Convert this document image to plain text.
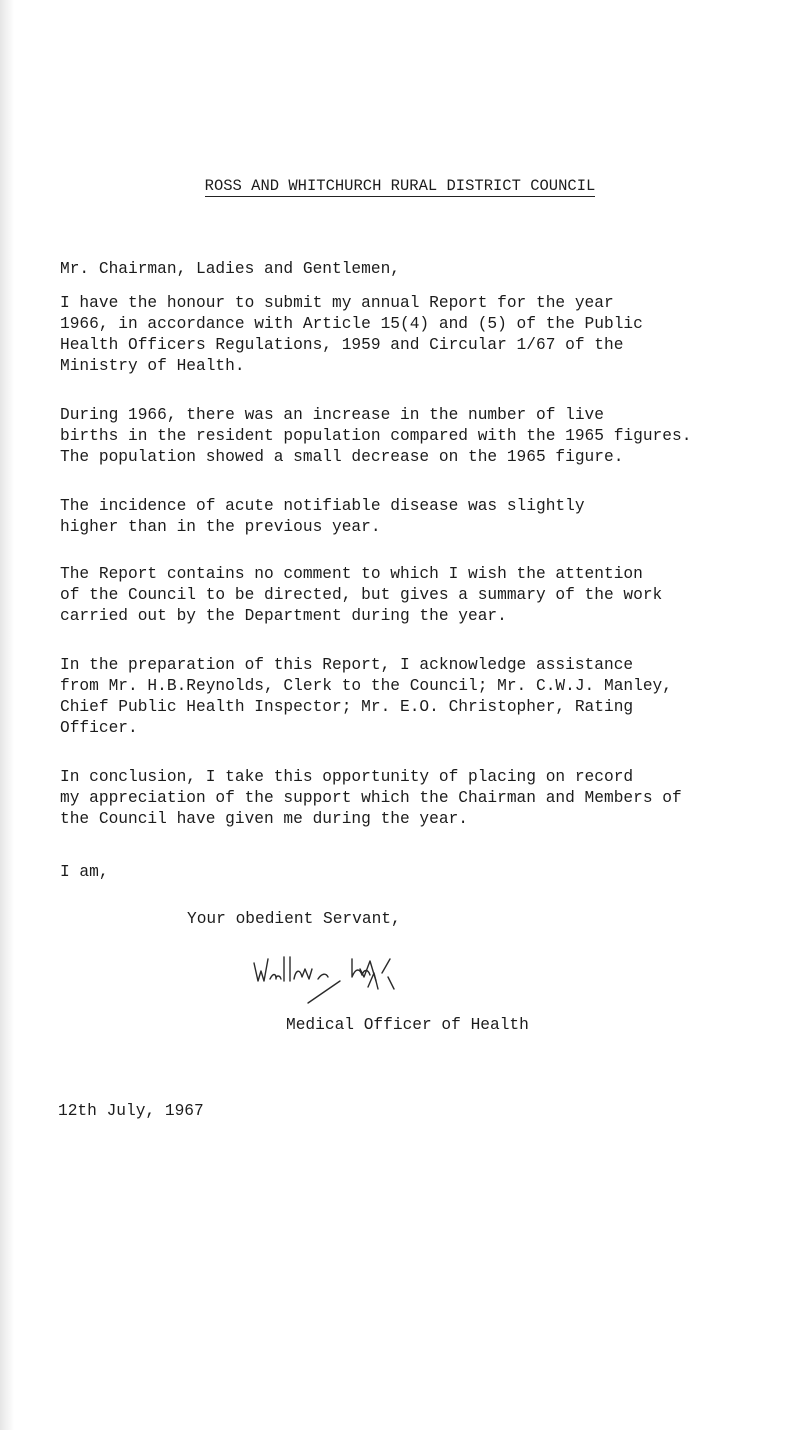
ROSS AND WHITCHURCH RURAL DISTRICT COUNCIL
Mr. Chairman, Ladies and Gentlemen,
I have the honour to submit my annual Report for the year
1966, in accordance with Article 15(4) and (5) of the Public
Health Officers Regulations, 1959 and Circular 1/67 of the
Ministry of Health.
During 1966, there was an increase in the number of live
births in the resident population compared with the 1965 figures.
The population showed a small decrease on the 1965 figure.
The incidence of acute notifiable disease was slightly
higher than in the previous year.
The Report contains no comment to which I wish the attention
of the Council to be directed, but gives a summary of the work
carried out by the Department during the year.
In the preparation of this Report, I acknowledge assistance
from Mr. H.B.Reynolds, Clerk to the Council; Mr. C.W.J. Manley,
Chief Public Health Inspector; Mr. E.O. Christopher, Rating
Officer.
In conclusion, I take this opportunity of placing on record
my appreciation of the support which the Chairman and Members of
the Council have given me during the year.
I am,
Your obedient Servant,
Medical Officer of Health
12th July, 1967
